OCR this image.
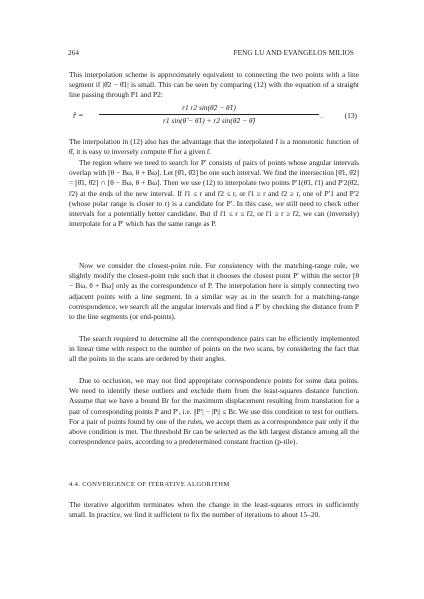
264	FENG LU AND EVANGELOS MILIOS

This interpolation scheme is approximately equivalent to connecting the two points with a line segment if |θ̂2 − θ̂1| is small. This can be seen by comparing (12) with the equation of a straight line passing through P1 and P2:

r̂ =
r1 r2 sin(θ̂2 − θ̂1)
r1 sin(θ̂ − θ̂1) + r2 sin(θ̂2 − θ̂)
.	(13)

The interpolation in (12) also has the advantage that the interpolated r̂ is a monotonic function of θ̂, it is easy to inversely compute θ̂ for a given r̂.

The region where we need to search for P′ consists of pairs of points whose angular intervals overlap with [θ − Bω, θ + Bω]. Let [θ̂1, θ̂2] be one such interval. We find the intersection [θ̄1, θ̄2] = [θ̂1, θ̂2] ∩ [θ − Bω, θ + Bω]. Then we use (12) to interpolate two points P′1(θ̄1, r̄1) and P′2(θ̄2, r̄2) at the ends of the new interval. If r̄1 ≤ r and r̄2 ≤ r, or r̄1 ≥ r and r̄2 ≥ r, one of P′1 and P′2 (whose polar range is closer to r) is a candidate for P′. In this case, we still need to check other intervals for a potentially better candidate. But if r̄1 ≤ r ≤ r̄2, or r̄1 ≥ r ≥ r̄2, we can (inversely) interpolate for a P′ which has the same range as P.

Now we consider the closest-point rule. For consistency with the matching-range rule, we slightly modify the closest-point rule such that it chooses the closest point P′ within the sector [θ − Bω, θ + Bω] only as the correspondence of P. The interpolation here is simply connecting two adjacent points with a line segment. In a similar way as in the search for a matching-range correspondence, we search all the angular intervals and find a P′ by checking the distance from P to the line segments (or end-points).

The search required to determine all the correspondence pairs can be efficiently implemented in linear time with respect to the number of points on the two scans, by considering the fact that all the points in the scans are ordered by their angles.

Due to occlusion, we may not find appropriate correspondence points for some data points. We need to identify these outliers and exclude them from the least-squares distance function. Assume that we have a bound Br for the maximum displacement resulting from translation for a pair of corresponding points P and P′, i.e. ||P′| − |P|| ≤ Br. We use this condition to test for outliers. For a pair of points found by one of the rules, we accept them as a correspondence pair only if the above condition is met. The threshold Br can be selected as the kth largest distance among all the correspondence pairs, according to a predetermined constant fraction (p-tile).

4.4. CONVERGENCE OF ITERATIVE ALGORITHM

The iterative algorithm terminates when the change in the least-squares errors in sufficiently small. In practice, we find it sufficient to fix the number of iterations to about 15–20.
